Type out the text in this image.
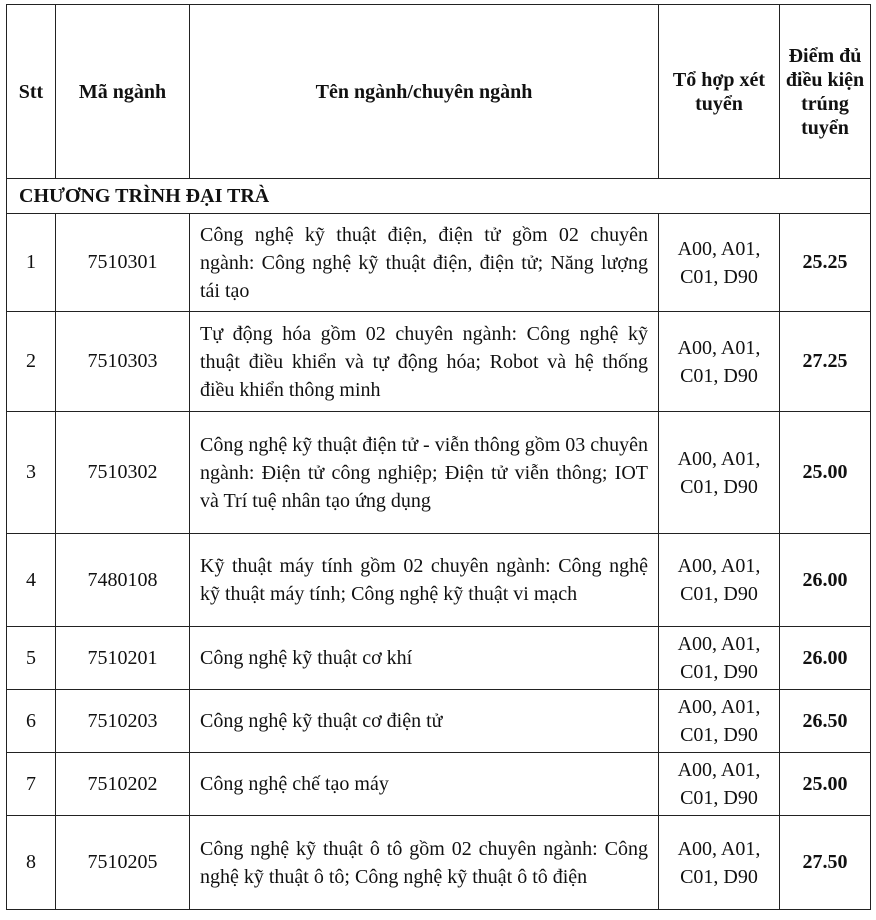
Stt	Mã ngành	Tên ngành/chuyên ngành	Tổ hợp xét tuyển	Điểm đủ điều kiện trúng tuyển
CHƯƠNG TRÌNH ĐẠI TRÀ				
1	7510301	Công nghệ kỹ thuật điện, điện tử gồm 02 chuyên ngành: Công nghệ kỹ thuật điện, điện tử; Năng lượng tái tạo	A00, A01, C01, D90	25.25
2	7510303	Tự động hóa gồm 02 chuyên ngành: Công nghệ kỹ thuật điều khiển và tự động hóa; Robot và hệ thống điều khiển thông minh	A00, A01, C01, D90	27.25
3	7510302	Công nghệ kỹ thuật điện tử - viễn thông gồm 03 chuyên ngành: Điện tử công nghiệp; Điện tử viễn thông; IOT và Trí tuệ nhân tạo ứng dụng	A00, A01, C01, D90	25.00
4	7480108	Kỹ thuật máy tính gồm 02 chuyên ngành: Công nghệ kỹ thuật máy tính; Công nghệ kỹ thuật vi mạch	A00, A01, C01, D90	26.00
5	7510201	Công nghệ kỹ thuật cơ khí	A00, A01, C01, D90	26.00
6	7510203	Công nghệ kỹ thuật cơ điện tử	A00, A01, C01, D90	26.50
7	7510202	Công nghệ chế tạo máy	A00, A01, C01, D90	25.00
8	7510205	Công nghệ kỹ thuật ô tô gồm 02 chuyên ngành: Công nghệ kỹ thuật ô tô; Công nghệ kỹ thuật ô tô điện	A00, A01, C01, D90	27.50
